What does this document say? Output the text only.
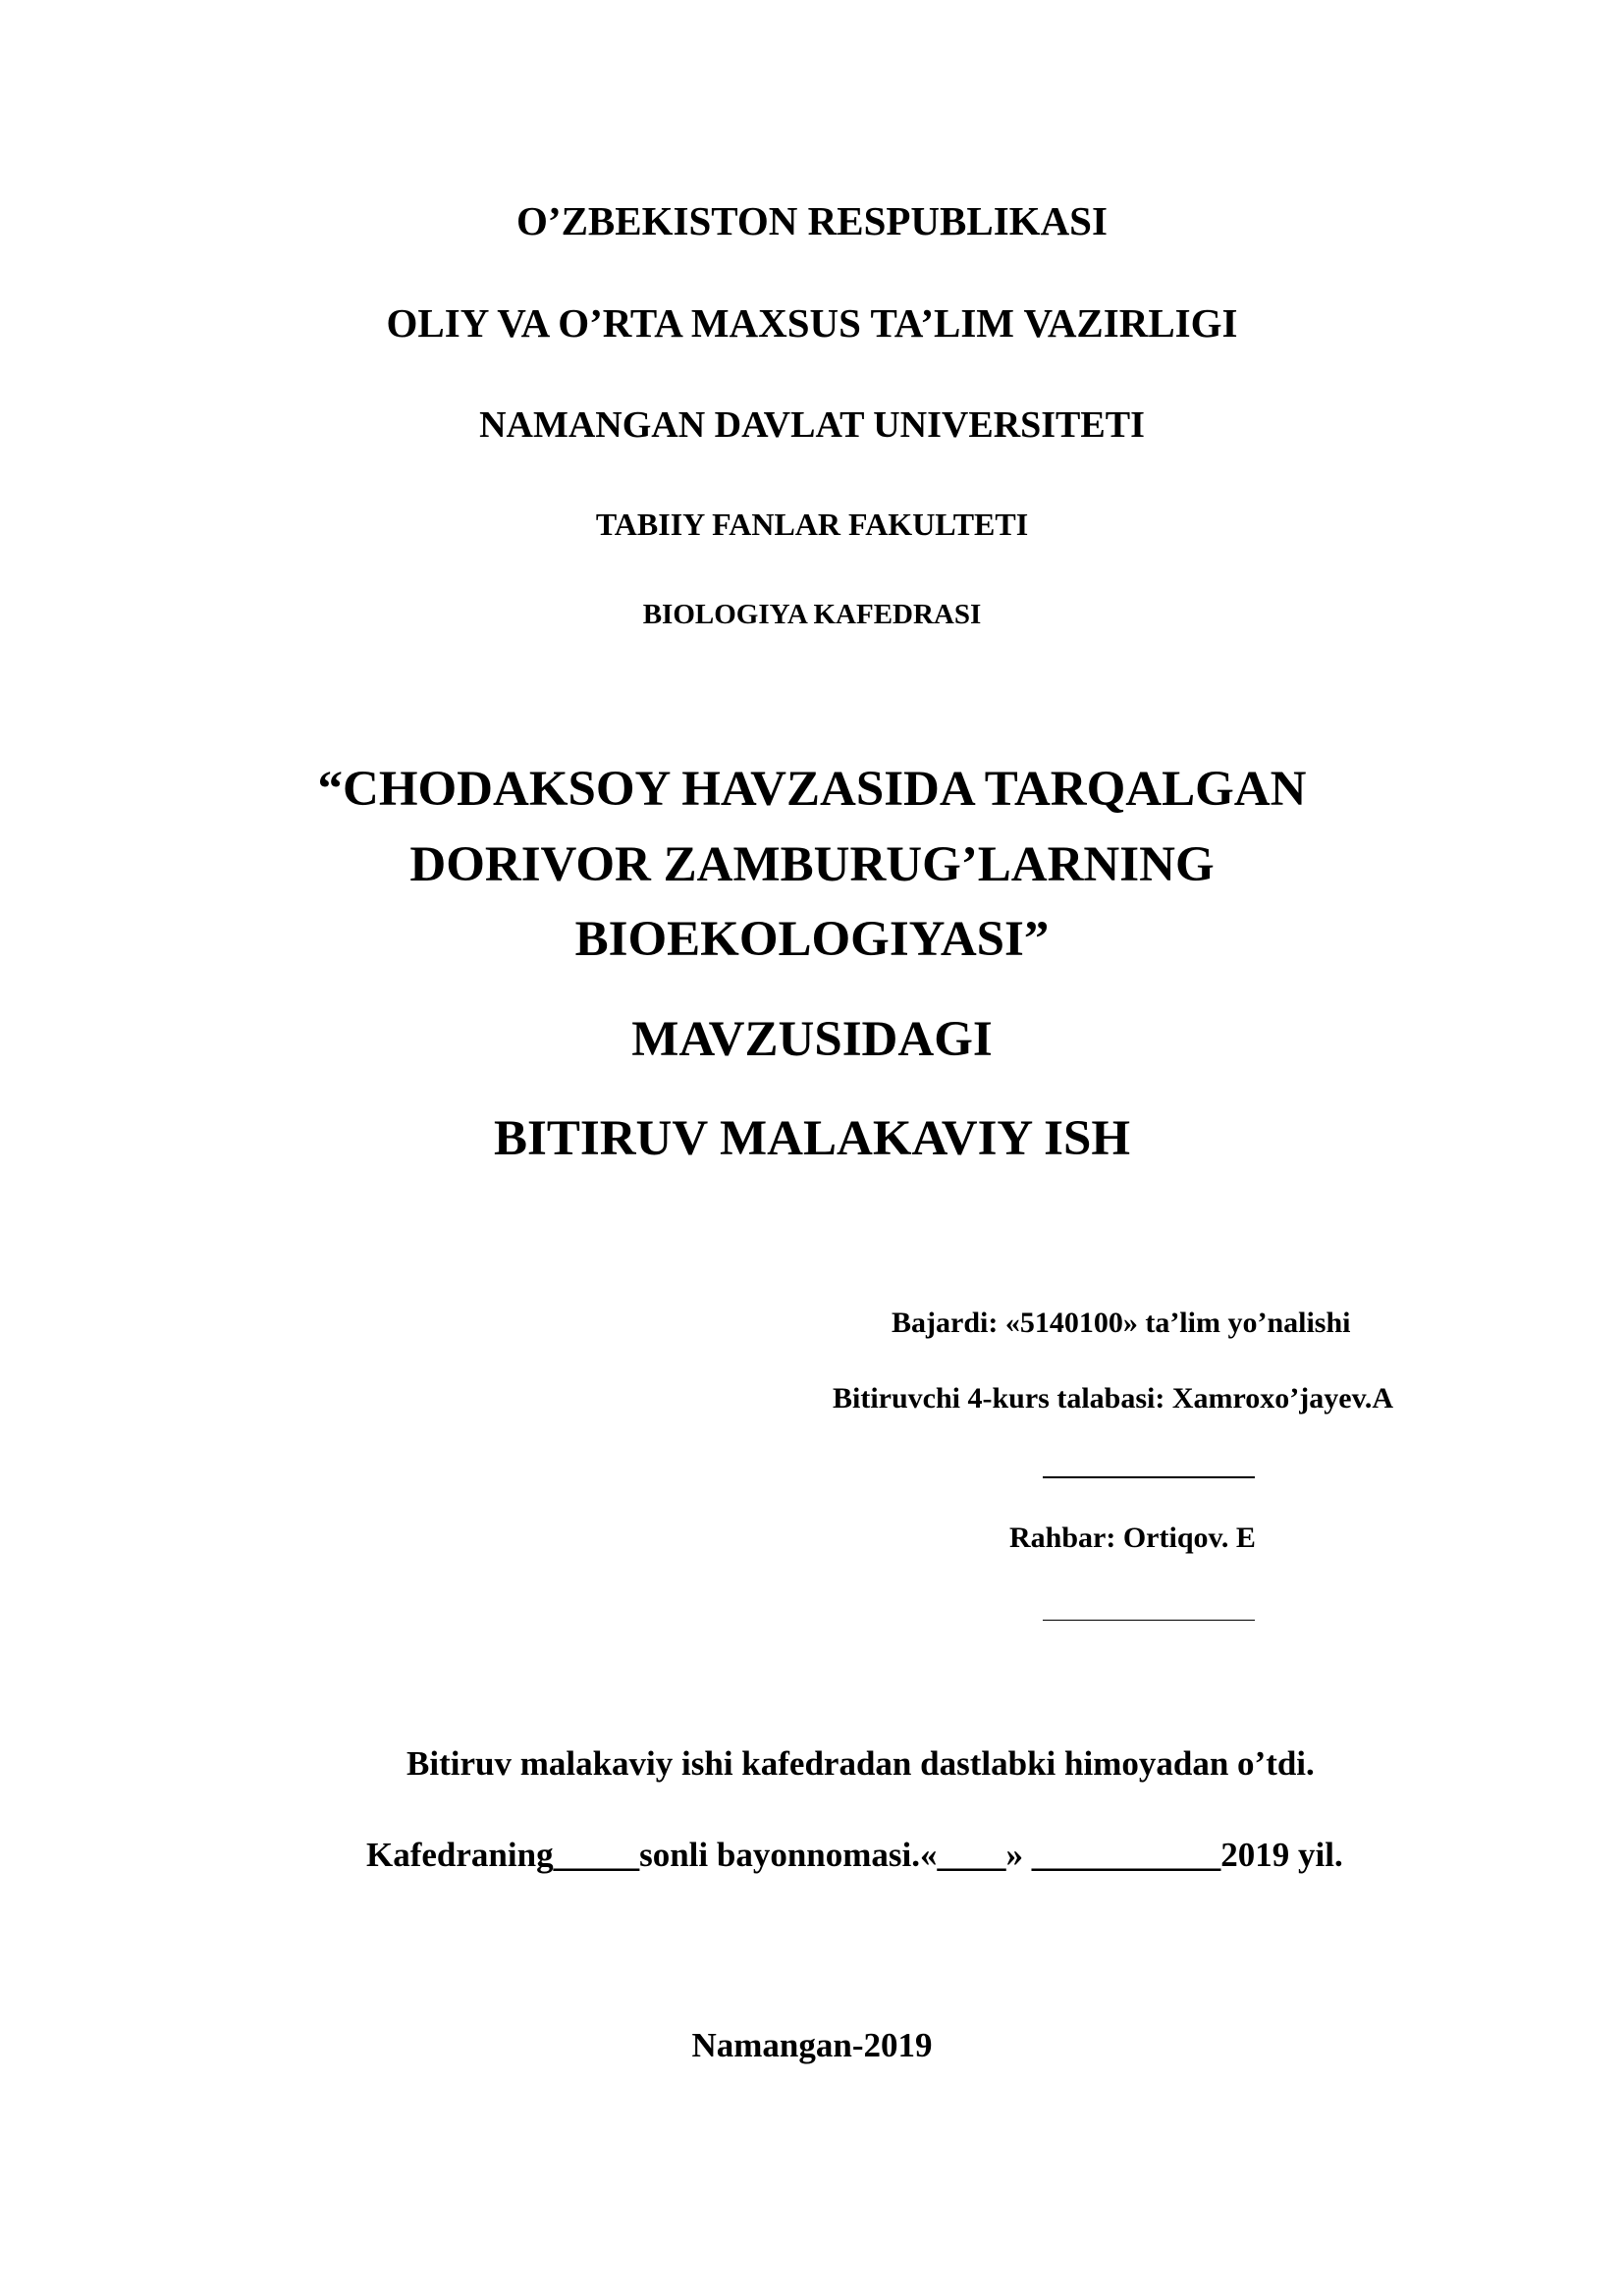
O’ZBEKISTON RESPUBLIKASI
OLIY VA O’RTA MAXSUS TA’LIM VAZIRLIGI
NAMANGAN DAVLAT UNIVERSITETI
TABIIY FANLAR FAKULTETI
BIOLOGIYA KAFEDRASI
“CHODAKSOY HAVZASIDA TARQALGAN
DORIVOR ZAMBURUG’LARNING
BIOEKOLOGIYASI”
MAVZUSIDAGI
BITIRUV MALAKAVIY ISH
Bajardi: «5140100» ta’lim yo’nalishi
Bitiruvchi 4-kurs talabasi: Xamroxo’jayev.A
Rahbar: Ortiqov. E
Bitiruv malakaviy ishi kafedradan dastlabki himoyadan o’tdi.
Kafedraning_____sonli bayonnomasi.«____» ___________2019 yil.
Namangan-2019
